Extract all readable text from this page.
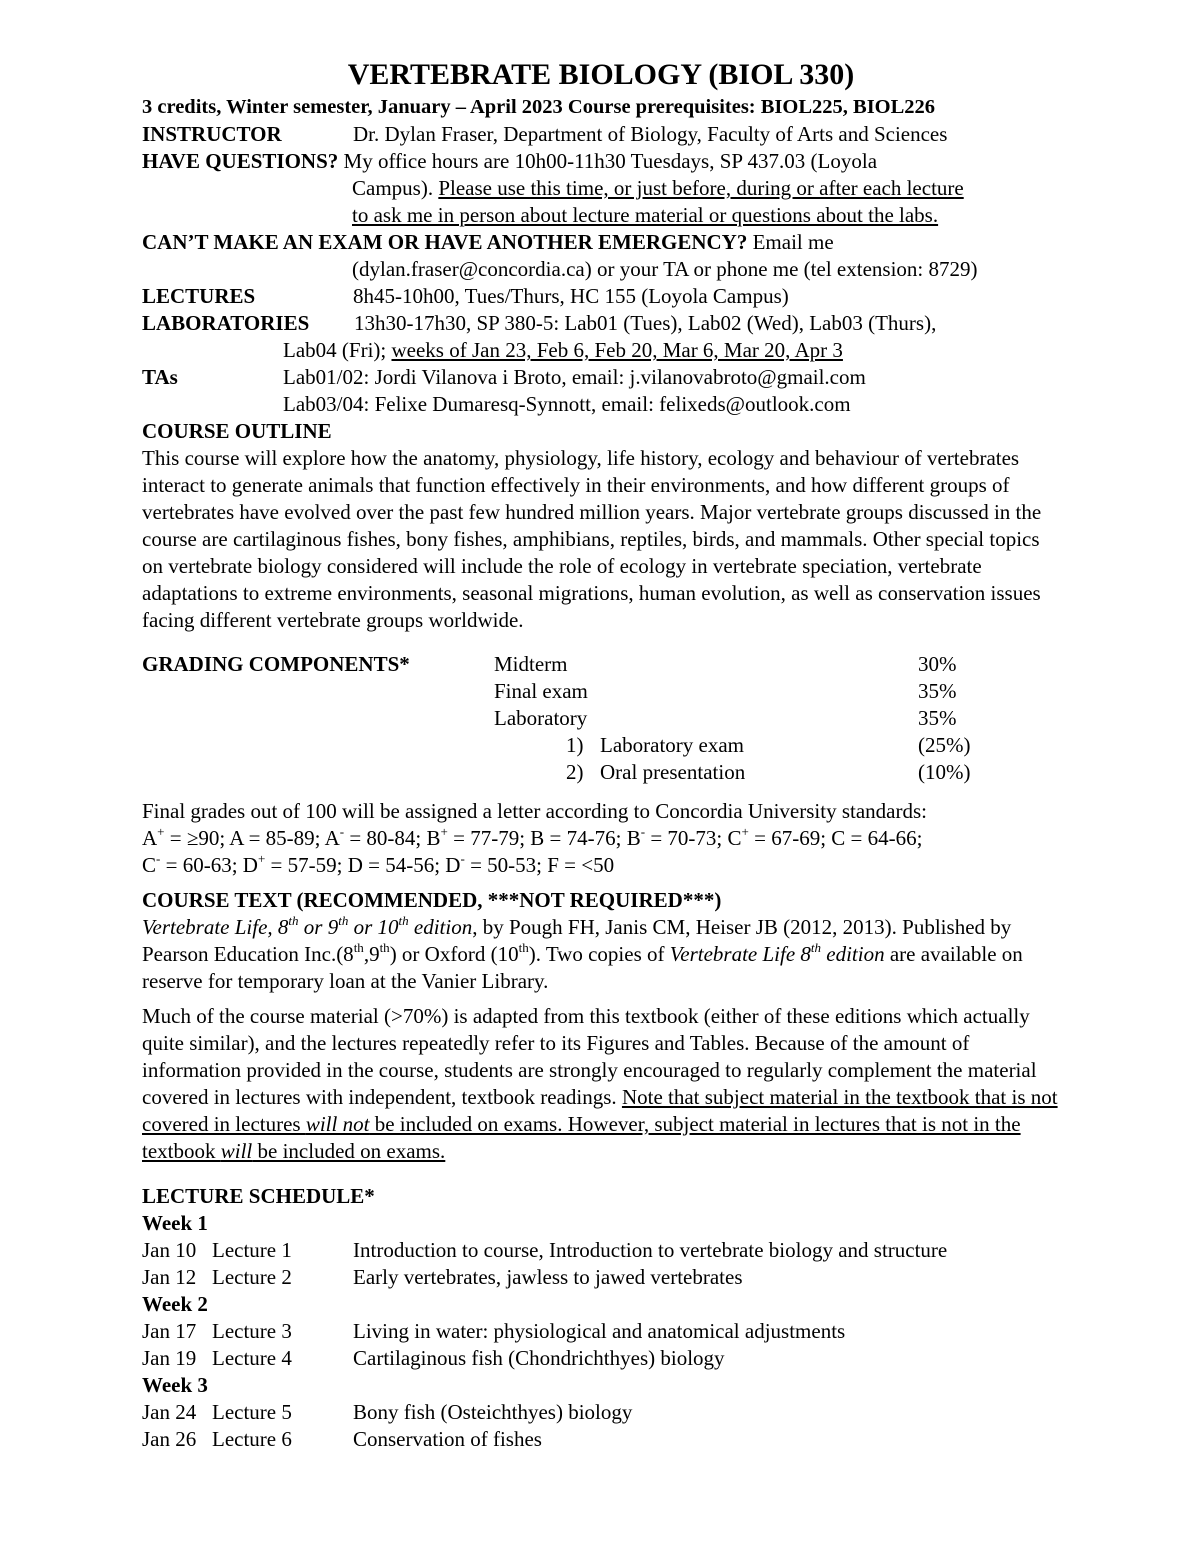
VERTEBRATE BIOLOGY (BIOL 330)
3 credits, Winter semester, January – April 2023 Course prerequisites: BIOL225, BIOL226
INSTRUCTOR	Dr. Dylan Fraser, Department of Biology, Faculty of Arts and Sciences
HAVE QUESTIONS? My office hours are 10h00-11h30 Tuesdays, SP 437.03 (Loyola
Campus). Please use this time, or just before, during or after each lecture
to ask me in person about lecture material or questions about the labs.
CAN’T MAKE AN EXAM OR HAVE ANOTHER EMERGENCY? Email me
(dylan.fraser@concordia.ca) or your TA or phone me (tel extension: 8729)
LECTURES	8h45-10h00, Tues/Thurs, HC 155 (Loyola Campus)
LABORATORIES 13h30-17h30, SP 380-5: Lab01 (Tues), Lab02 (Wed), Lab03 (Thurs),
Lab04 (Fri); weeks of Jan 23, Feb 6, Feb 20, Mar 6, Mar 20, Apr 3
TAs	Lab01/02: Jordi Vilanova i Broto, email: j.vilanovabroto@gmail.com
Lab03/04: Felixe Dumaresq-Synnott, email: felixeds@outlook.com
COURSE OUTLINE

This course will explore how the anatomy, physiology, life history, ecology and behaviour of vertebrates interact to generate animals that function effectively in their environments, and how different groups of vertebrates have evolved over the past few hundred million years. Major vertebrate groups discussed in the course are cartilaginous fishes, bony fishes, amphibians, reptiles, birds, and mammals. Other special topics on vertebrate biology considered will include the role of ecology in vertebrate speciation, vertebrate adaptations to extreme environments, seasonal migrations, human evolution, as well as conservation issues facing different vertebrate groups worldwide.

GRADING COMPONENTS*	Midterm	30%
Final exam	35%
Laboratory	35%
1) Laboratory exam	(25%)
2) Oral presentation	(10%)
Final grades out of 100 will be assigned a letter according to Concordia University standards:
A+ = ≥90; A = 85-89; A- = 80-84; B+ = 77-79; B = 74-76; B- = 70-73; C+ = 67-69; C = 64-66;
C- = 60-63; D+ = 57-59; D = 54-56; D- = 50-53; F = <50
COURSE TEXT (RECOMMENDED, ***NOT REQUIRED***)

Vertebrate Life, 8th or 9th or 10th edition, by Pough FH, Janis CM, Heiser JB (2012, 2013). Published by Pearson Education Inc.(8th,9th) or Oxford (10th). Two copies of Vertebrate Life 8th edition are available on reserve for temporary loan at the Vanier Library.

Much of the course material (>70%) is adapted from this textbook (either of these editions which actually quite similar), and the lectures repeatedly refer to its Figures and Tables. Because of the amount of information provided in the course, students are strongly encouraged to regularly complement the material covered in lectures with independent, textbook readings. Note that subject material in the textbook that is not covered in lectures will not be included on exams. However, subject material in lectures that is not in the textbook will be included on exams.

LECTURE SCHEDULE*
Week 1
Jan 10 Lecture 1	Introduction to course, Introduction to vertebrate biology and structure
Jan 12 Lecture 2	Early vertebrates, jawless to jawed vertebrates
Week 2
Jan 17 Lecture 3	Living in water: physiological and anatomical adjustments
Jan 19 Lecture 4	Cartilaginous fish (Chondrichthyes) biology
Week 3
Jan 24 Lecture 5	Bony fish (Osteichthyes) biology
Jan 26 Lecture 6	Conservation of fishes
